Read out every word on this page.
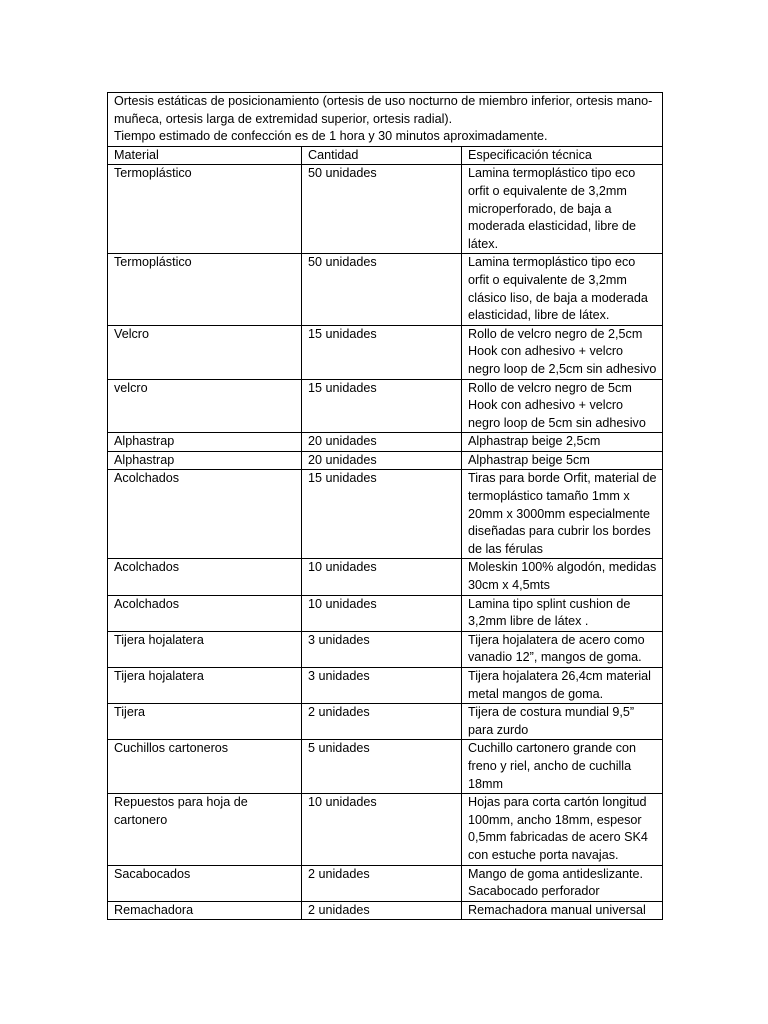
Ortesis estáticas de posicionamiento (ortesis de uso nocturno de miembro inferior, ortesis mano-muñeca, ortesis larga de extremidad superior, ortesis radial).
Tiempo estimado de confección es de 1 hora y 30 minutos aproximadamente.		

Material	Cantidad	Especificación técnica
Termoplástico	50 unidades	Lamina termoplástico tipo eco orfit o equivalente de 3,2mm microperforado, de baja a moderada elasticidad, libre de látex.
Termoplástico	50 unidades	Lamina termoplástico tipo eco orfit o equivalente de 3,2mm clásico liso, de baja a moderada elasticidad, libre de látex.
Velcro	15 unidades	Rollo de velcro negro de 2,5cm Hook con adhesivo + velcro negro loop de 2,5cm sin adhesivo
velcro	15 unidades	Rollo de velcro negro de 5cm Hook con adhesivo + velcro negro loop de 5cm sin adhesivo
Alphastrap	20 unidades	Alphastrap beige 2,5cm
Alphastrap	20 unidades	Alphastrap beige 5cm
Acolchados	15 unidades	Tiras para borde Orfit, material de termoplástico tamaño 1mm x 20mm x 3000mm especialmente diseñadas para cubrir los bordes de las férulas
Acolchados	10 unidades	Moleskin 100% algodón, medidas 30cm x 4,5mts
Acolchados	10 unidades	Lamina tipo splint cushion de 3,2mm libre de látex .
Tijera hojalatera	3 unidades	Tijera hojalatera de acero como vanadio 12”, mangos de goma.
Tijera hojalatera	3 unidades	Tijera hojalatera 26,4cm material metal mangos de goma.
Tijera	2 unidades	Tijera de costura mundial 9,5” para zurdo
Cuchillos cartoneros	5 unidades	Cuchillo cartonero grande con freno y riel, ancho de cuchilla 18mm
Repuestos para hoja de cartonero	10 unidades	Hojas para corta cartón longitud 100mm, ancho 18mm, espesor 0,5mm fabricadas de acero SK4 con estuche porta navajas.
Sacabocados	2 unidades	Mango de goma antideslizante. Sacabocado perforador
Remachadora	2 unidades	Remachadora manual universal
